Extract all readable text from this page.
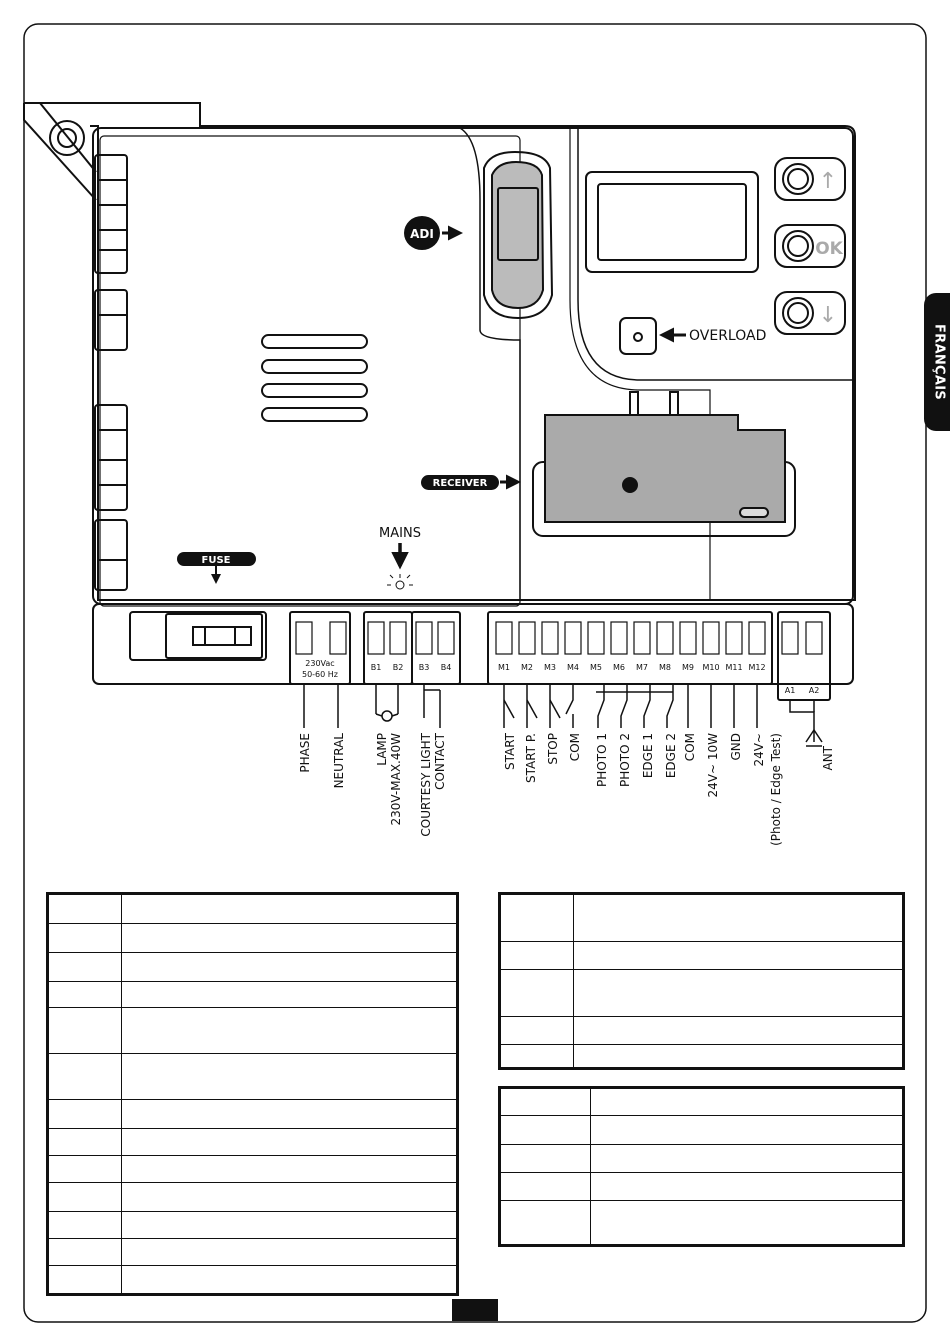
230Vac
50-60 Hz
B1 B2 B3 B4	M1 M2 M3 M4 M5 M6 M7 M8 M9 M10 M11 M12
A1 A2
PHASE NEUTRAL LAMP 230V-MAX.40W COURTESY LIGHT CONTACT	START START P. STOP COM PHOTO 1 PHOTO 2 EDGE 1 EDGE 2 COM 24V~ 10W GND 24V~ (Photo / Edge Test)	ANT
ADI
OVERLOAD
RECEIVER
MAINS
FUSE
↑
OK
↓
FRANÇAIS
